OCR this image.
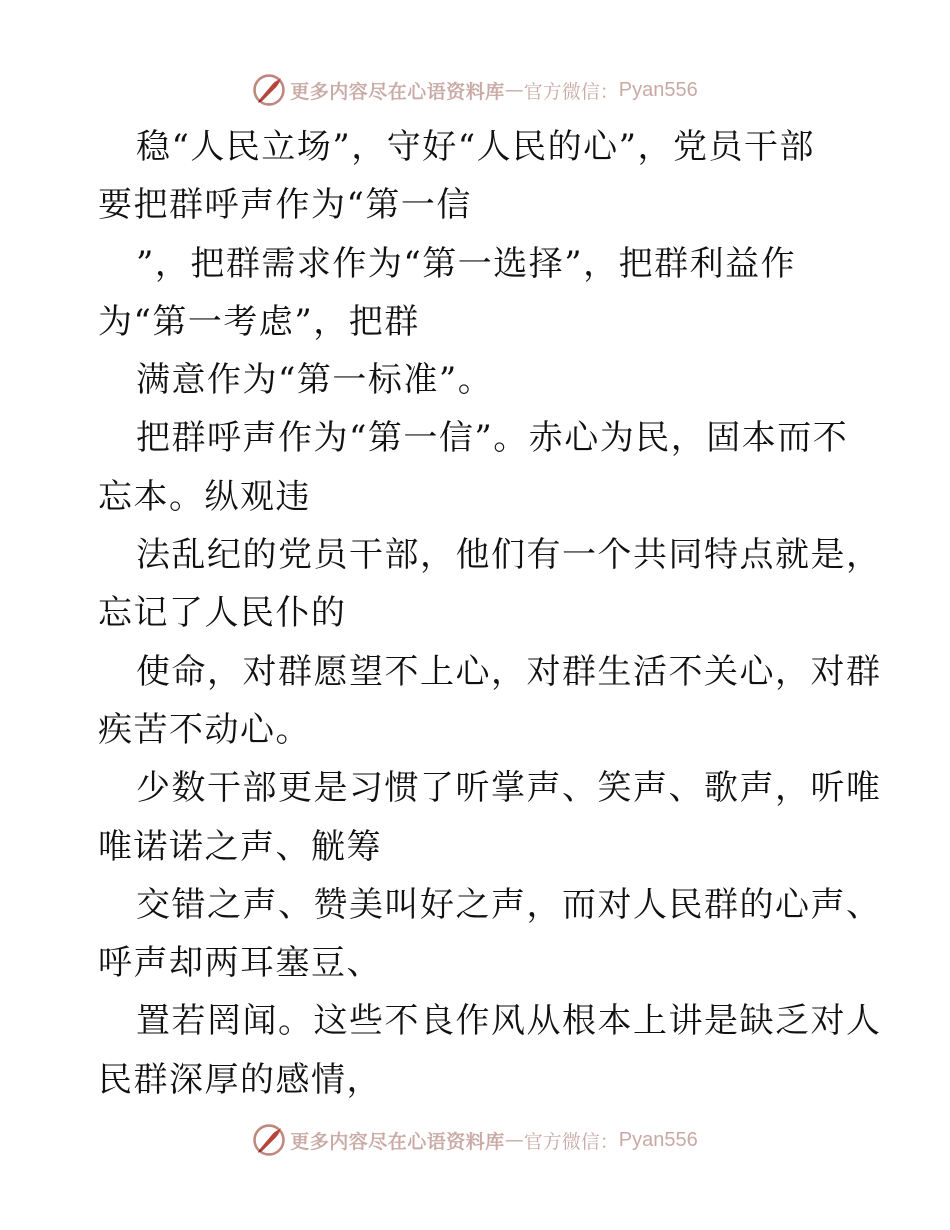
更多内容尽在心语资料库 — 官方微信： Pyan556
稳“人民立场”，守好“人民的心”，党员干部
要把群呼声作为“第一信
”，把群需求作为“第一选择”，把群利益作
为“第一考虑”，把群
满意作为“第一标准”。
把群呼声作为“第一信”。赤心为民，固本而不
忘本。纵观违
法乱纪的党员干部，他们有一个共同特点就是，
忘记了人民仆的
使命，对群愿望不上心，对群生活不关心，对群
疾苦不动心。
少数干部更是习惯了听掌声、笑声、歌声，听唯
唯诺诺之声、觥筹
交错之声、赞美叫好之声，而对人民群的心声、
呼声却两耳塞豆、
置若罔闻。这些不良作风从根本上讲是缺乏对人
民群深厚的感情，
更多内容尽在心语资料库 — 官方微信： Pyan556
